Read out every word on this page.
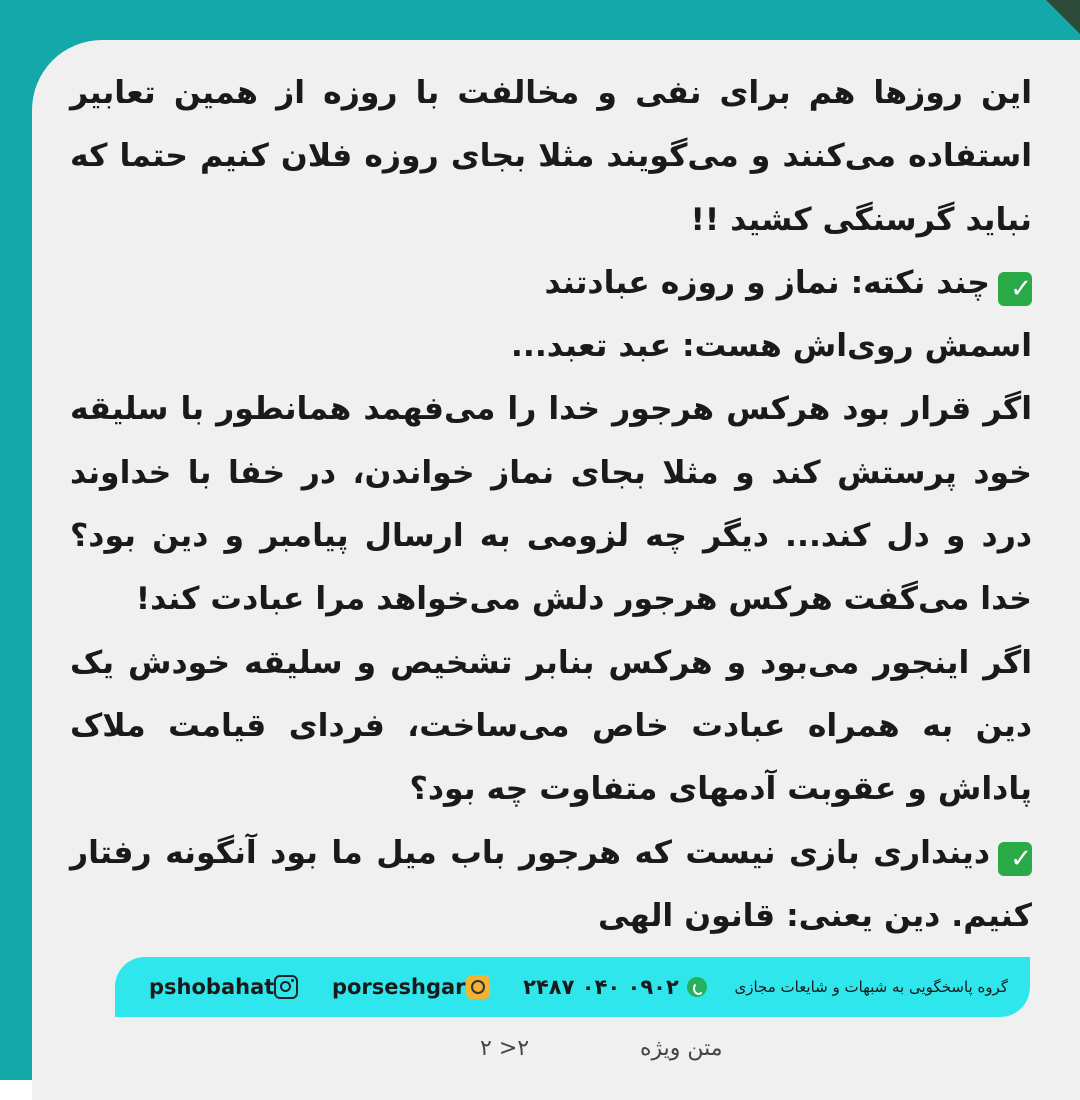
این روزها هم برای نفی و مخالفت با روزه از همین تعابیر استفاده می‌کنند و می‌گویند مثلا بجای روزه فلان کنیم حتما که نباید گرسنگی کشید !!

✓چند نکته: نماز و روزه عبادتند

اسمش روی‌اش هست: عبد تعبد...

اگر قرار بود هرکس هرجور خدا را می‌فهمد همانطور با سلیقه خود پرستش کند و مثلا بجای نماز خواندن، در خفا با خداوند درد و دل کند... دیگر چه لزومی به ارسال پیامبر و دین بود؟ خدا می‌گفت هرکس هرجور دلش می‌خواهد مرا عبادت کند!

اگر اینجور می‌بود و هرکس بنابر تشخیص و سلیقه خودش یک دین به همراه عبادت خاص می‌ساخت، فردای قیامت ملاک پاداش و عقوبت آدمهای متفاوت چه بود؟

✓دینداری بازی نیست که هرجور باب میل ما بود آنگونه رفتار کنیم. دین یعنی: قانون الهی

گروه پاسخگویی به شبهات و شایعات مجازی
۰۹۰۲ ۰۴۰ ۲۴۸۷
porseshgar
pshobahat
متن ویژه
۲< ۲
